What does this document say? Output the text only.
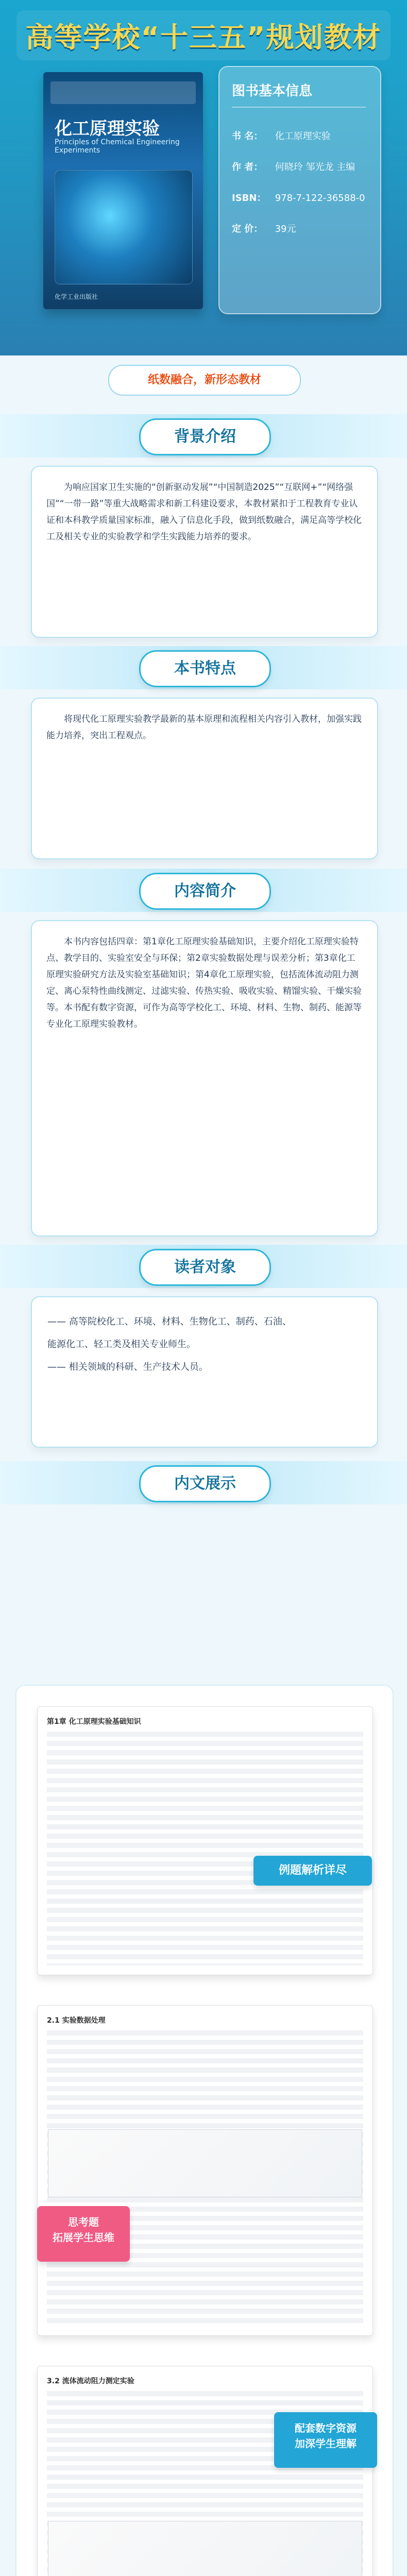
高等学校“十三五”规划教材
化工原理实验
Principles of Chemical Engineering Experiments
化学工业出版社
图书基本信息
书 名： 化工原理实验
作 者： 何晓玲 邹光龙 主编
ISBN： 978-7-122-36588-0
定 价： 39元
纸数融合，新形态教材
背景介绍

为响应国家卫生实施的“创新驱动发展”“中国制造2025”“互联网+”“网络强国”“一带一路”等重大战略需求和新工科建设要求，本教材紧扣于工程教育专业认证和本科教学质量国家标准，融入了信息化手段，做到纸数融合，满足高等学校化工及相关专业的实验教学和学生实践能力培养的要求。

本书特点

将现代化工原理实验教学最新的基本原理和流程相关内容引入教材，加强实践能力培养，突出工程观点。

内容简介

本书内容包括四章：第1章化工原理实验基础知识，主要介绍化工原理实验特点、教学目的、实验室安全与环保；第2章实验数据处理与误差分析；第3章化工原理实验研究方法及实验室基础知识；第4章化工原理实验，包括流体流动阻力测定、离心泵特性曲线测定、过滤实验、传热实验、吸收实验、精馏实验、干燥实验等。本书配有数字资源，可作为高等学校化工、环境、材料、生物、制药、能源等专业化工原理实验教材。

读者对象
—— 高等院校化工、环境、材料、生物化工、制药、石油、
能源化工、轻工类及相关专业师生。
—— 相关领域的科研、生产技术人员。
内文展示
第1章 化工原理实验基础知识
例题解析详尽
2.1 实验数据处理
思考题
拓展学生思维
3.2 流体流动阻力测定实验
配套数字资源
加深学生理解
